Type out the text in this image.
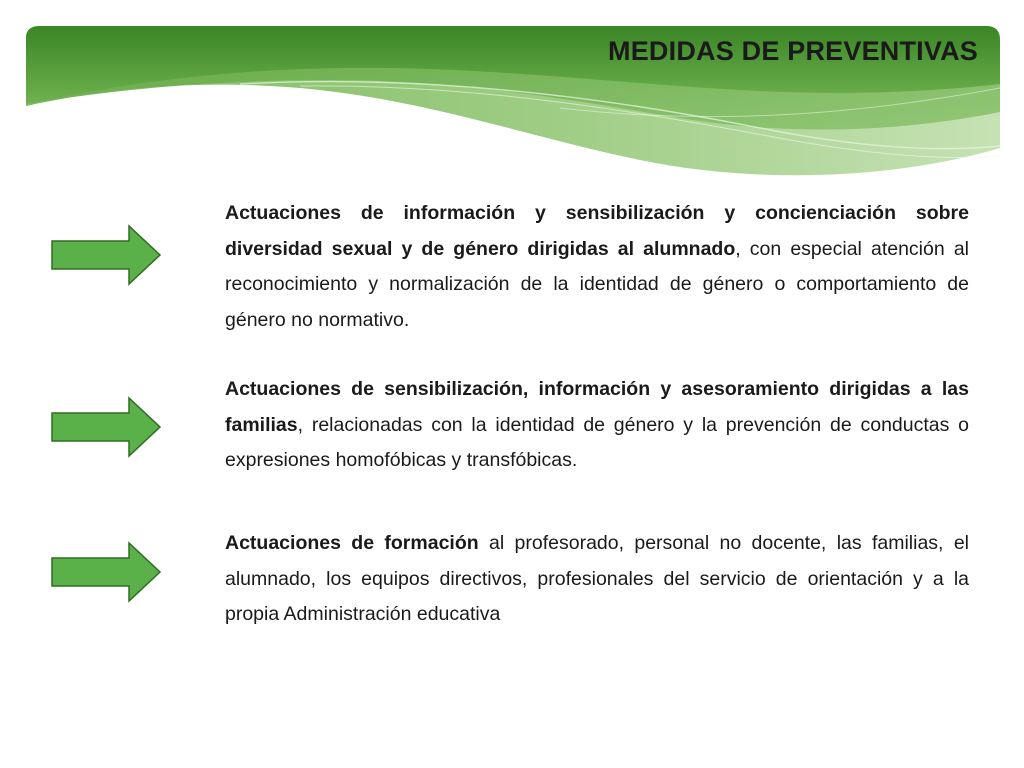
MEDIDAS DE PREVENTIVAS

Actuaciones de información y sensibilización y concienciación sobre diversidad sexual y de género dirigidas al alumnado, con especial atención al reconocimiento y normalización de la identidad de género o comportamiento de género no normativo.

Actuaciones de sensibilización, información y asesoramiento dirigidas a las familias, relacionadas con la identidad de género y la prevención de conductas o expresiones homofóbicas y transfóbicas.

Actuaciones de formación al profesorado, personal no docente, las familias, el alumnado, los equipos directivos, profesionales del servicio de orientación y a la propia Administración educativa
